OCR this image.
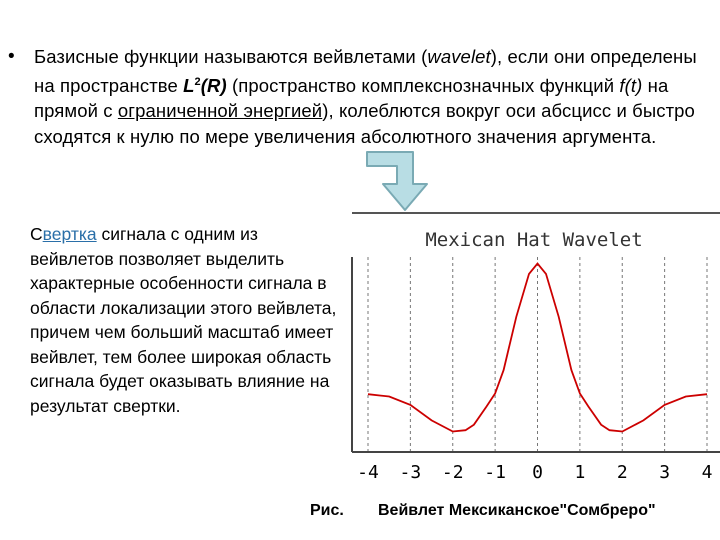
• Базисные функции называются вейвлетами (wavelet), если они определены на пространстве $L^2(R)$ (пространство комплекснозначных функций f(t) на прямой с ограниченной энергией), колеблются вокруг оси абсцисс и быстро сходятся к нулю по мере увеличения абсолютного значения аргумента.
Свертка сигнала с одним из вейвлетов позволяет выделить характерные особенности сигнала в области локализации этого вейвлета, причем чем больший масштаб имеет вейвлет, тем более широкая область сигнала будет оказывать влияние на результат свертки.
Mexican Hat Wavelet
-4 -3 -2 -1 0 1 2 3 4
Рис. Вейвлет Мексиканское"Сомбреро"
